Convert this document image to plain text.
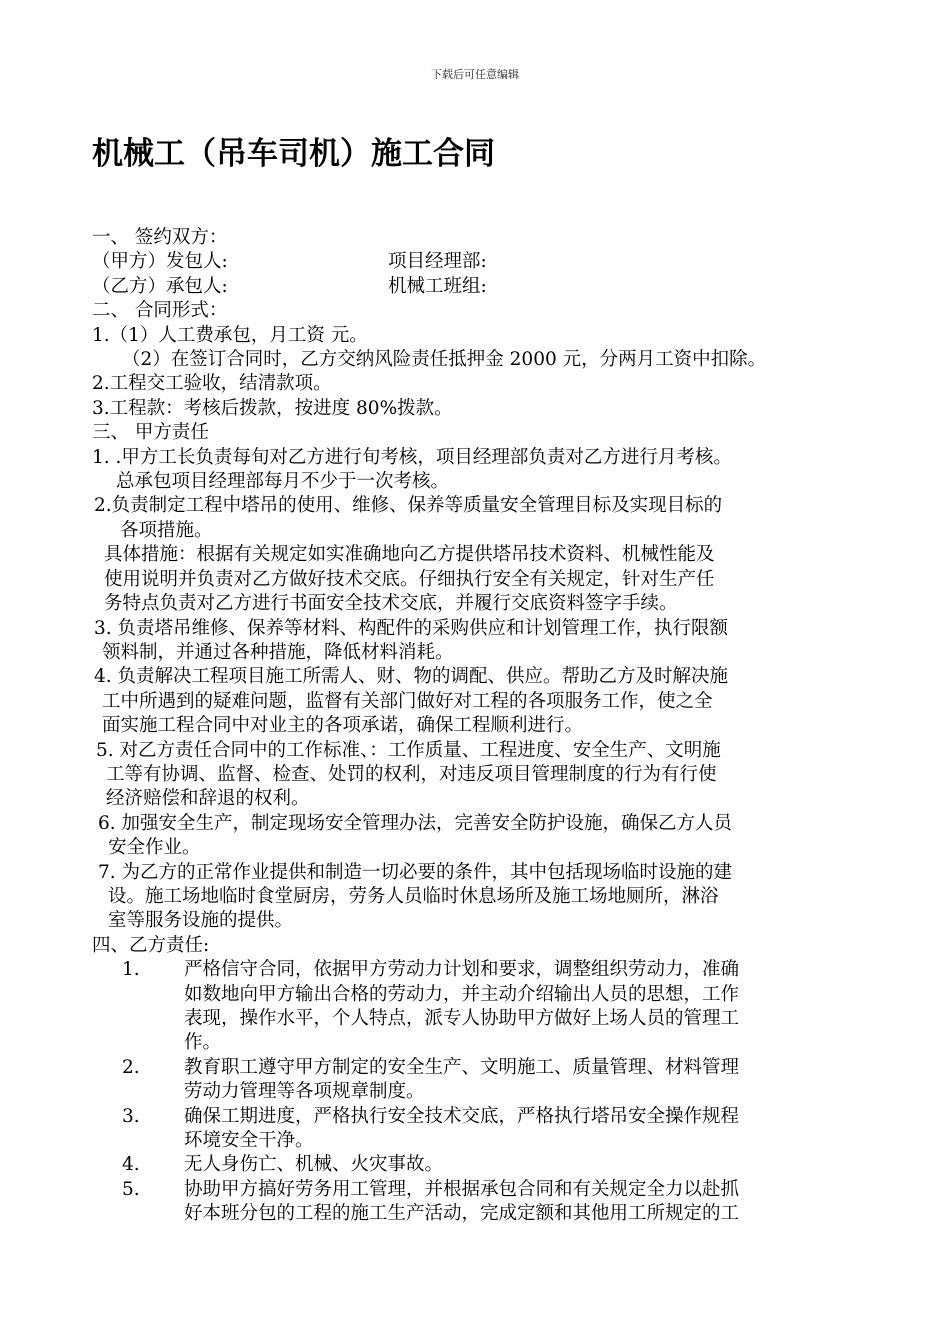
下载后可任意编辑
机械工（吊车司机）施工合同
一、 签约双方：
（甲方）发包人:	项目经理部:
（乙方）承包人:	机械工班组:
二、 合同形式：
1.（1）人工费承包，月工资 元。
（2）在签订合同时，乙方交纳风险责任抵押金 2000 元，分两月工资中扣除。
2.工程交工验收，结清款项。
3.工程款：考核后拨款，按进度 80%拨款。
三、 甲方责任
1. .甲方工长负责每旬对乙方进行旬考核，项目经理部负责对乙方进行月考核。
总承包项目经理部每月不少于一次考核。
2.负责制定工程中塔吊的使用、维修、保养等质量安全管理目标及实现目标的
各项措施。
具体措施：根据有关规定如实准确地向乙方提供塔吊技术资料、机械性能及
使用说明并负责对乙方做好技术交底。仔细执行安全有关规定，针对生产任
务特点负责对乙方进行书面安全技术交底，并履行交底资料签字手续。
3. 负责塔吊维修、保养等材料、构配件的采购供应和计划管理工作，执行限额
领料制，并通过各种措施，降低材料消耗。
4. 负责解决工程项目施工所需人、财、物的调配、供应。帮助乙方及时解决施
工中所遇到的疑难问题，监督有关部门做好对工程的各项服务工作，使之全
面实施工程合同中对业主的各项承诺，确保工程顺利进行。
5. 对乙方责任合同中的工作标准、：工作质量、工程进度、安全生产、文明施
工等有协调、监督、检查、处罚的权利，对违反项目管理制度的行为有行使
经济赔偿和辞退的权利。
6. 加强安全生产，制定现场安全管理办法，完善安全防护设施，确保乙方人员
安全作业。
7. 为乙方的正常作业提供和制造一切必要的条件，其中包括现场临时设施的建
设。施工场地临时食堂厨房，劳务人员临时休息场所及施工场地厕所，淋浴
室等服务设施的提供。
四、乙方责任:
1.	严格信守合同，依据甲方劳动力计划和要求，调整组织劳动力，准确
如数地向甲方输出合格的劳动力，并主动介绍输出人员的思想，工作
表现，操作水平，个人特点，派专人协助甲方做好上场人员的管理工
作。
2.	教育职工遵守甲方制定的安全生产、文明施工、质量管理、材料管理
劳动力管理等各项规章制度。
3.	确保工期进度，严格执行安全技术交底，严格执行塔吊安全操作规程
环境安全干净。
4.	无人身伤亡、机械、火灾事故。
5.	协助甲方搞好劳务用工管理，并根据承包合同和有关规定全力以赴抓
好本班分包的工程的施工生产活动，完成定额和其他用工所规定的工
